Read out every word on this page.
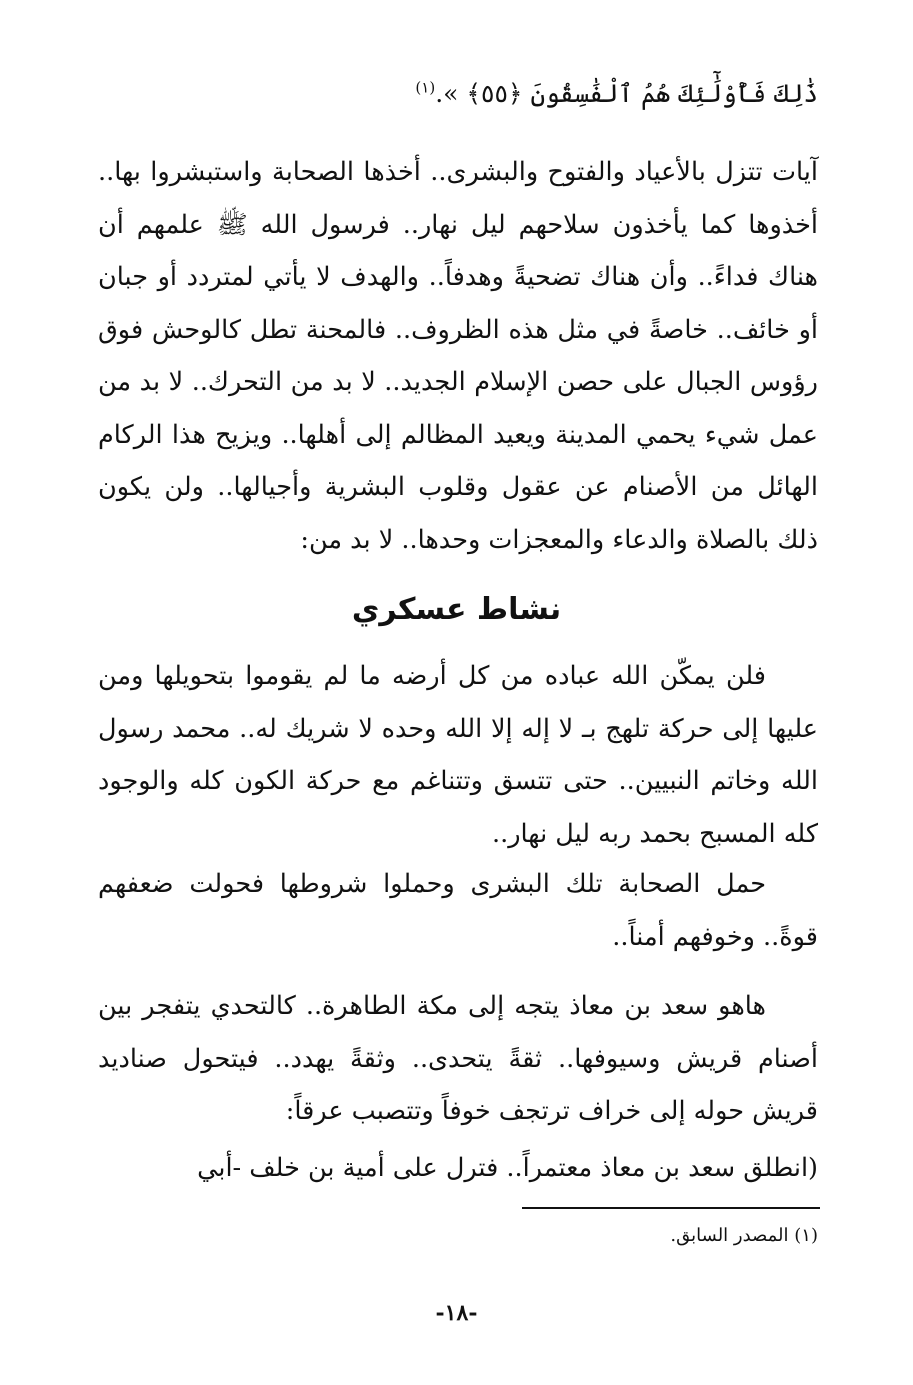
ذَٰلِكَ فَأُوْلَٰٓئِكَ هُمُ ٱلْفَٰسِقُونَ ﴿٥٥﴾ ».$^{(١)}$
آيات تتزل بالأعياد والفتوح والبشرى.. أخذها الصحابة واستبشروا بها.. أخذوها كما يأخذون سلاحهم ليل نهار.. فرسول الله ﷺ علمهم أن هناك فداءً.. وأن هناك تضحيةً وهدفاً.. والهدف لا يأتي لمتردد أو جبان أو خائف.. خاصةً في مثل هذه الظروف.. فالمحنة تطل كالوحش فوق رؤوس الجبال على حصن الإسلام الجديد.. لا بد من التحرك.. لا بد من عمل شيء يحمي المدينة ويعيد المظالم إلى أهلها.. ويزيح هذا الركام الهائل من الأصنام عن عقول وقلوب البشرية وأجيالها.. ولن يكون ذلك بالصلاة والدعاء والمعجزات وحدها.. لا بد من:
نشاط عسكري
فلن يمكّن الله عباده من كل أرضه ما لم يقوموا بتحويلها ومن عليها إلى حركة تلهج بـ لا إله إلا الله وحده لا شريك له.. محمد رسول الله وخاتم النبيين.. حتى تتسق وتتناغم مع حركة الكون كله والوجود كله المسبح بحمد ربه ليل نهار..
حمل الصحابة تلك البشرى وحملوا شروطها فحولت ضعفهم قوةً.. وخوفهم أمناً..
هاهو سعد بن معاذ يتجه إلى مكة الطاهرة.. كالتحدي يتفجر بين أصنام قريش وسيوفها.. ثقةً يتحدى.. وثقةً يهدد.. فيتحول صناديد قريش حوله إلى خراف ترتجف خوفاً وتتصبب عرقاً:
(انطلق سعد بن معاذ معتمراً.. فترل على أمية بن خلف -أبي
(١) المصدر السابق.
-١٨-
